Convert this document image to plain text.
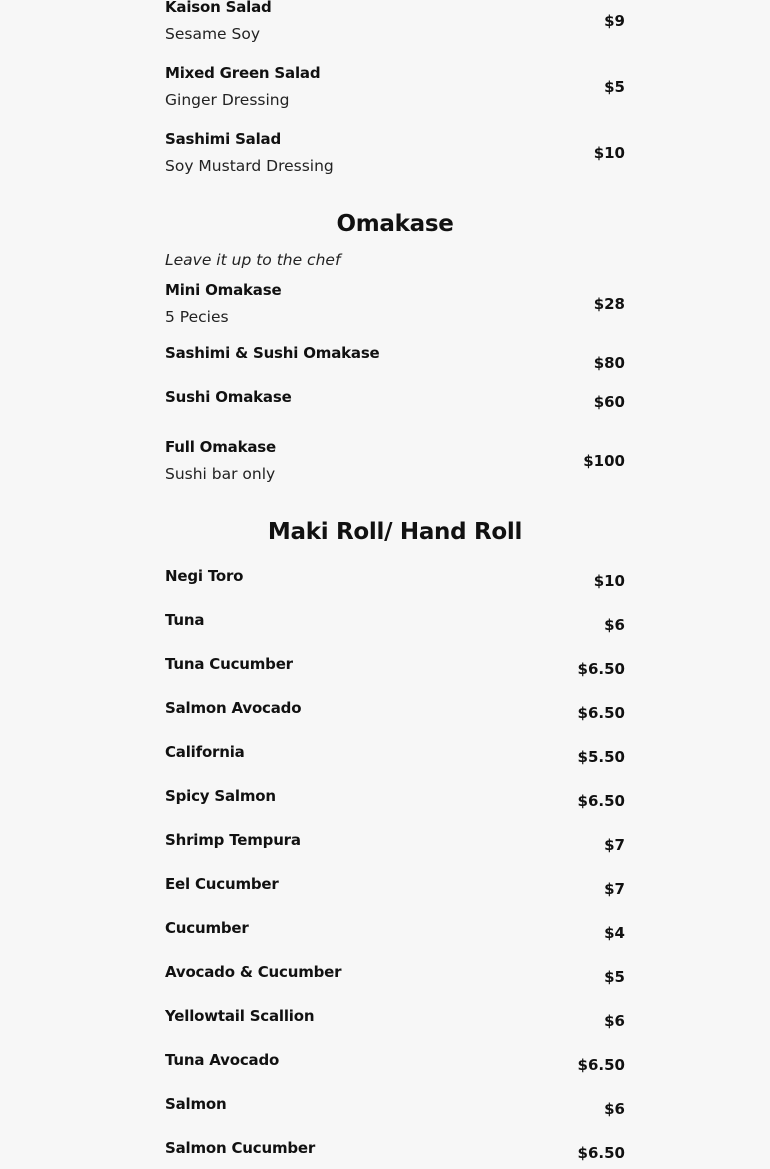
Kaison Salad
Sesame Soy
$9
Mixed Green Salad
Ginger Dressing
$5
Sashimi Salad
Soy Mustard Dressing
$10
Omakase
Leave it up to the chef
Mini Omakase
5 Pecies
$28
Sashimi & Sushi Omakase
$80
Sushi Omakase	$60
Full Omakase
Sushi bar only
$100
Maki Roll/ Hand Roll
Negi Toro	$10
Tuna	$6
Tuna Cucumber	$6.50
Salmon Avocado	$6.50
California	$5.50
Spicy Salmon	$6.50
Shrimp Tempura	$7
Eel Cucumber	$7
Cucumber	$4
Avocado & Cucumber	$5
Yellowtail Scallion	$6
Tuna Avocado	$6.50
Salmon	$6
Salmon Cucumber	$6.50
